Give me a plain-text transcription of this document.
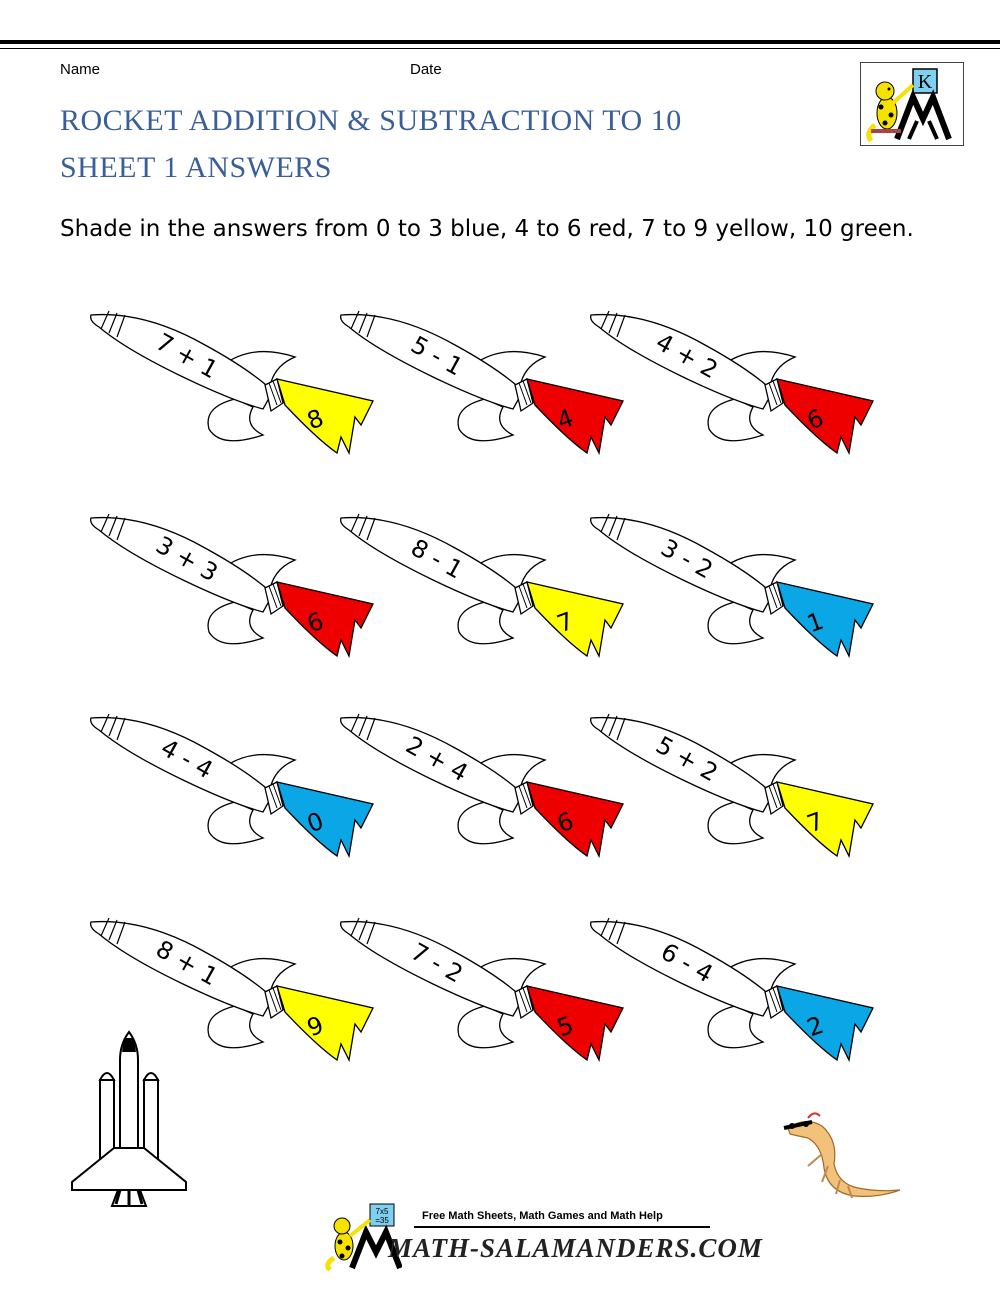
Name	Date
ROCKET ADDITION & SUBTRACTION TO 10
SHEET 1 ANSWERS
Shade in the answers from 0 to 3 blue, 4 to 6 red, 7 to 9 yellow, 10 green.
K
7 + 1
8
5 - 1
4
4 + 2
6
3 + 3
6
8 - 1
7
3 - 2
1
4 - 4
0
2 + 4
6
5 + 2
7
8 + 1
9
7 - 2
5
6 - 4
2
7x5
=35	Free Math Sheets, Math Games and Math Help
MATH-SALAMANDERS.COM
